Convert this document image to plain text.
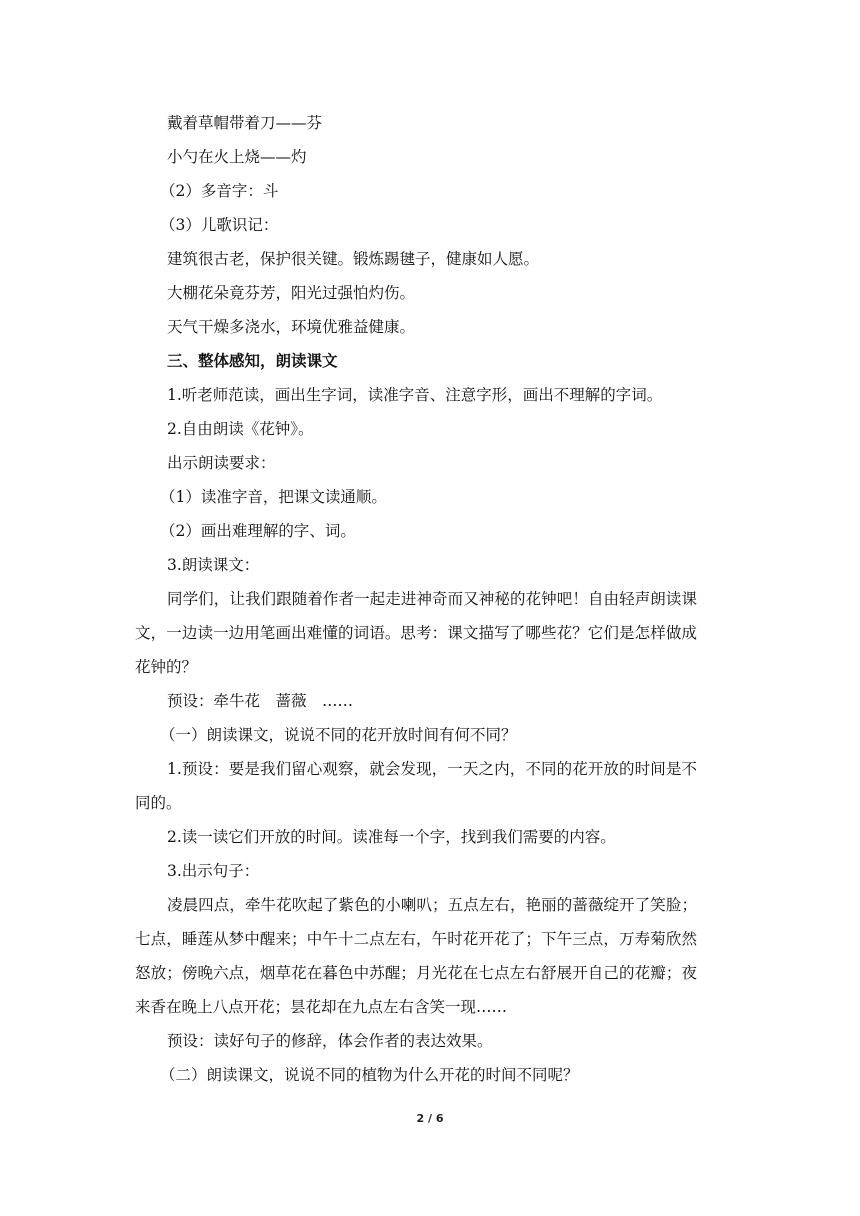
戴着草帽带着刀——芬

小勺在火上烧——灼

（2）多音字：斗

（3）儿歌识记：

建筑很古老，保护很关键。锻炼踢毽子，健康如人愿。

大棚花朵竟芬芳，阳光过强怕灼伤。

天气干燥多浇水，环境优雅益健康。

三、整体感知，朗读课文

1.听老师范读，画出生字词，读准字音、注意字形，画出不理解的字词。

2.自由朗读《花钟》。

出示朗读要求：

（1）读准字音，把课文读通顺。

（2）画出难理解的字、词。

3.朗读课文：

同学们，让我们跟随着作者一起走进神奇而又神秘的花钟吧！自由轻声朗读课文，一边读一边用笔画出难懂的词语。思考：课文描写了哪些花？它们是怎样做成花钟的？

预设：牵牛花　蔷薇　……

（一）朗读课文，说说不同的花开放时间有何不同？

1.预设：要是我们留心观察，就会发现，一天之内，不同的花开放的时间是不同的。

2.读一读它们开放的时间。读准每一个字，找到我们需要的内容。

3.出示句子：

凌晨四点，牵牛花吹起了紫色的小喇叭；五点左右，艳丽的蔷薇绽开了笑脸；七点，睡莲从梦中醒来；中午十二点左右，午时花开花了；下午三点，万寿菊欣然怒放；傍晚六点，烟草花在暮色中苏醒；月光花在七点左右舒展开自己的花瓣；夜来香在晚上八点开花；昙花却在九点左右含笑一现……

预设：读好句子的修辞，体会作者的表达效果。

（二）朗读课文，说说不同的植物为什么开花的时间不同呢？

2 / 6
